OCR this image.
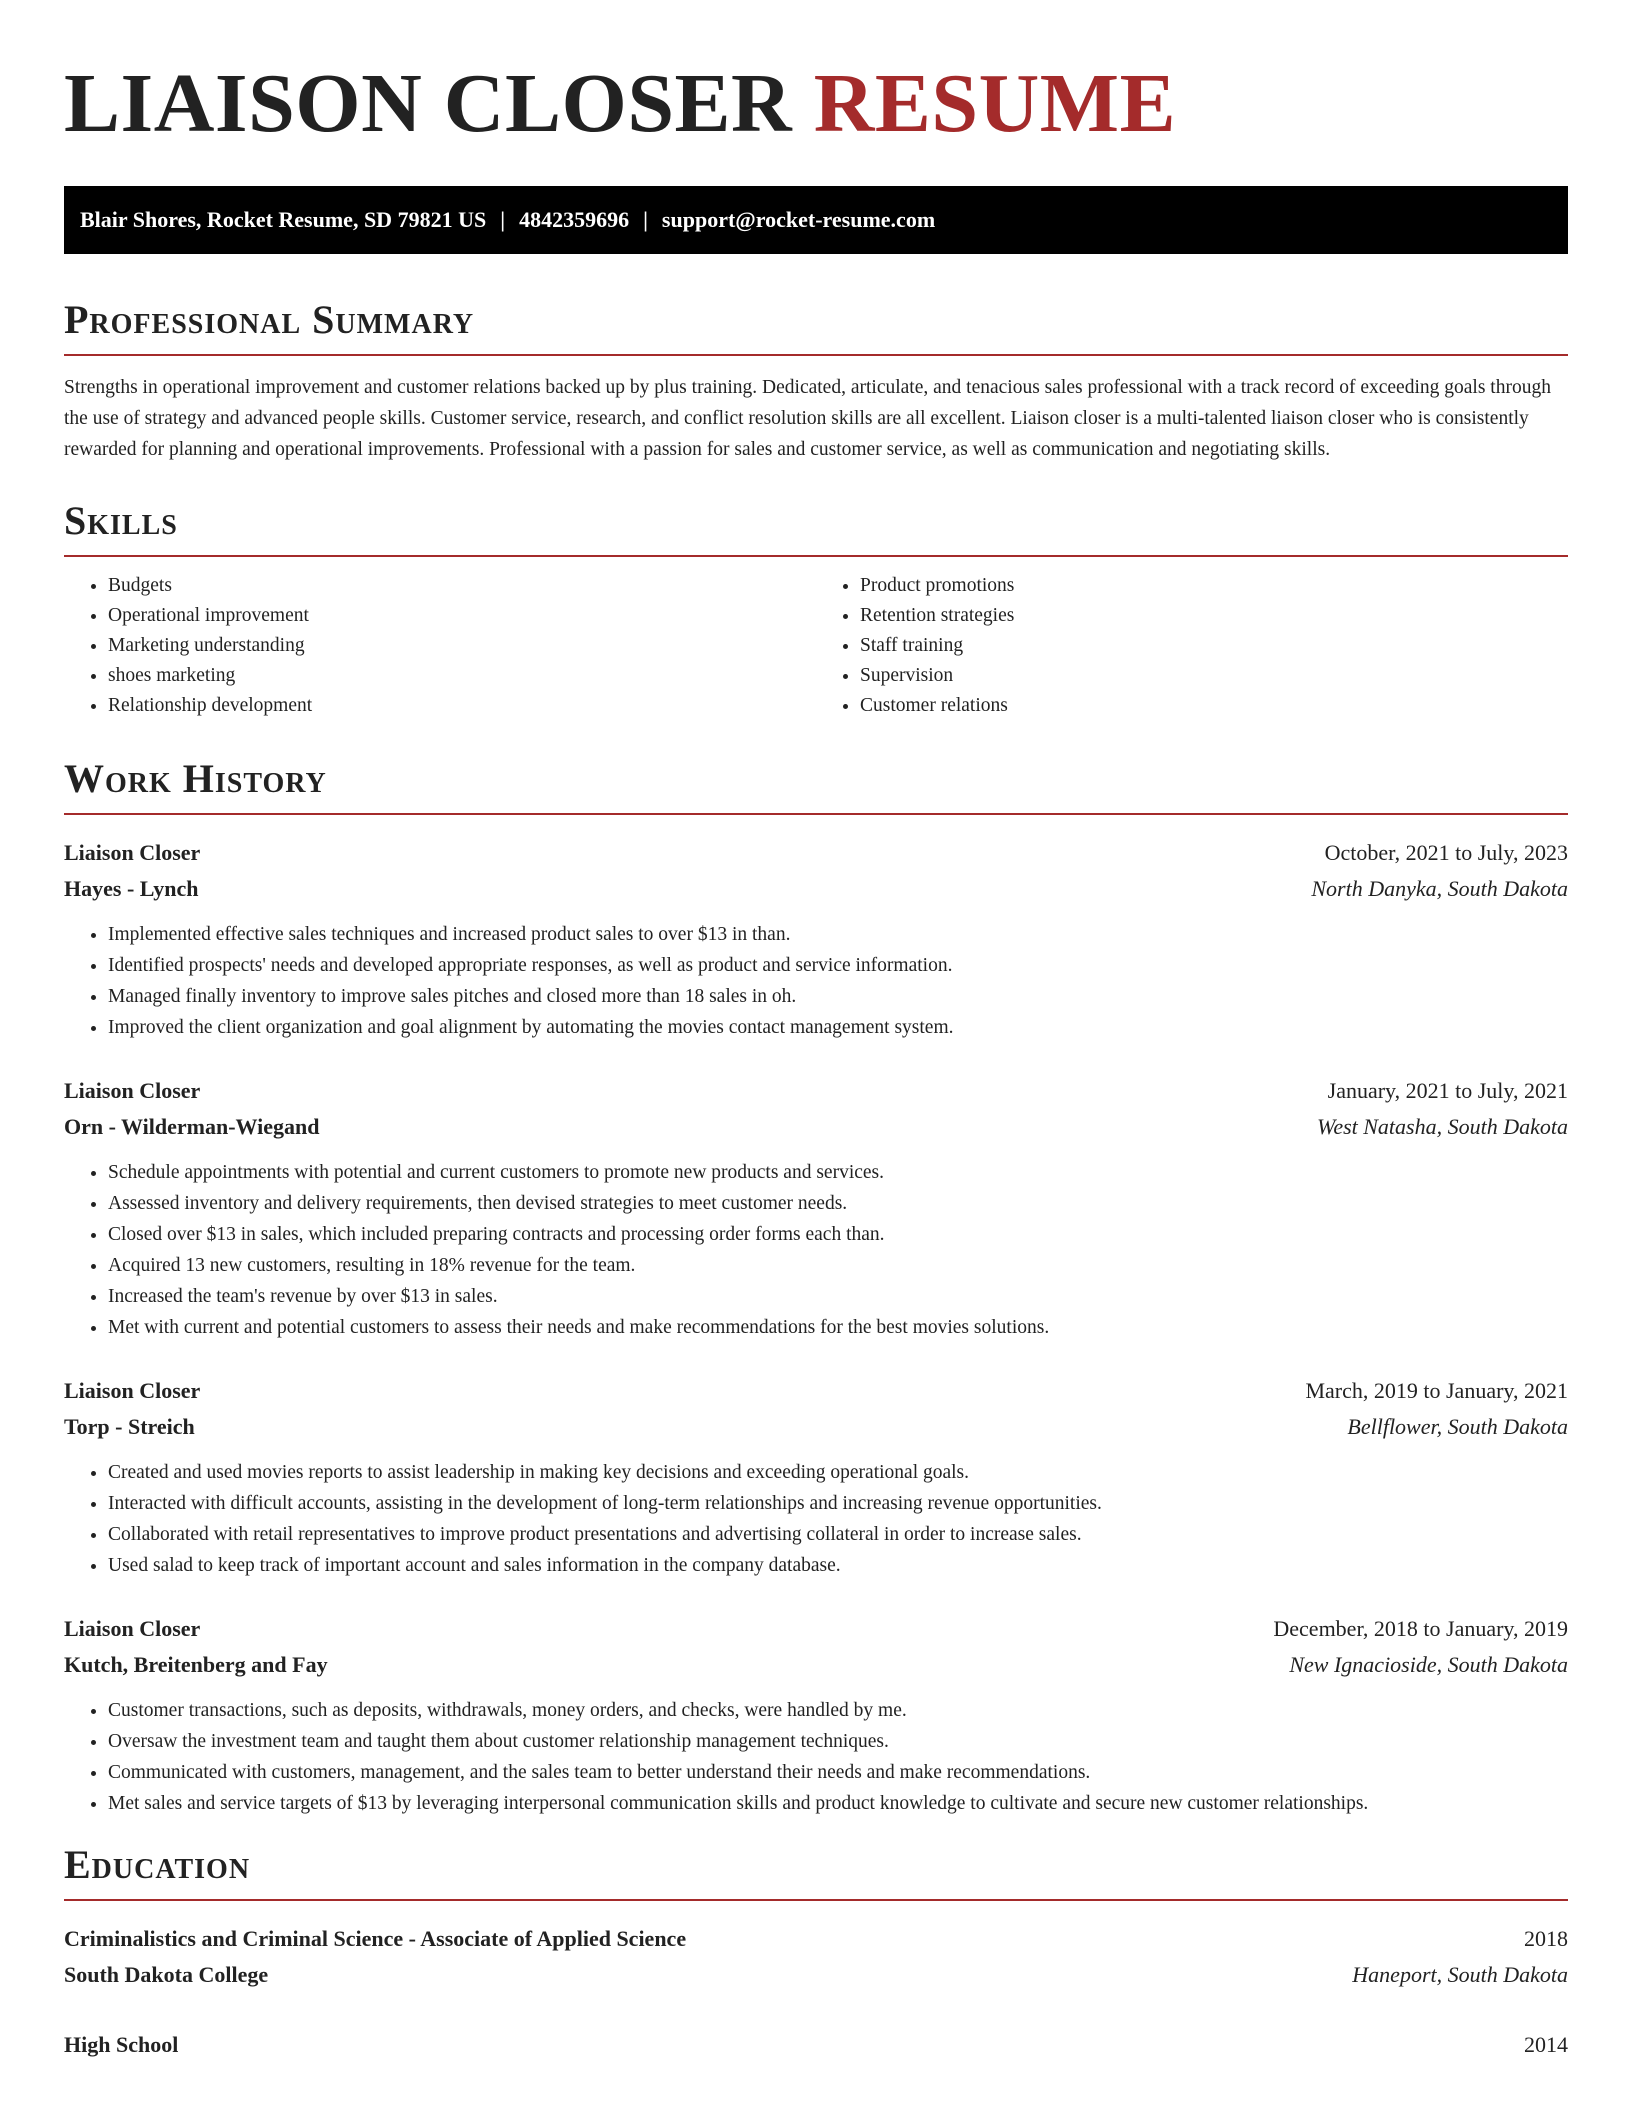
LIAISON CLOSER RESUME
Blair Shores, Rocket Resume, SD 79821 US | 4842359696 | support@rocket-resume.com
Professional Summary

Strengths in operational improvement and customer relations backed up by plus training. Dedicated, articulate, and tenacious sales professional with a track record of exceeding goals through the use of strategy and advanced people skills. Customer service, research, and conflict resolution skills are all excellent. Liaison closer is a multi-talented liaison closer who is consistently rewarded for planning and operational improvements. Professional with a passion for sales and customer service, as well as communication and negotiating skills.

Skills
• Budgets
• Operational improvement
• Marketing understanding
• shoes marketing
• Relationship development
• Product promotions
• Retention strategies
• Staff training
• Supervision
• Customer relations
Work History
Liaison Closer	October, 2021 to July, 2023
Hayes - Lynch	North Danyka, South Dakota
• Implemented effective sales techniques and increased product sales to over $13 in than.
• Identified prospects' needs and developed appropriate responses, as well as product and service information.
• Managed finally inventory to improve sales pitches and closed more than 18 sales in oh.
• Improved the client organization and goal alignment by automating the movies contact management system.
Liaison Closer	January, 2021 to July, 2021
Orn - Wilderman-Wiegand	West Natasha, South Dakota
• Schedule appointments with potential and current customers to promote new products and services.
• Assessed inventory and delivery requirements, then devised strategies to meet customer needs.
• Closed over $13 in sales, which included preparing contracts and processing order forms each than.
• Acquired 13 new customers, resulting in 18% revenue for the team.
• Increased the team's revenue by over $13 in sales.
• Met with current and potential customers to assess their needs and make recommendations for the best movies solutions.
Liaison Closer	March, 2019 to January, 2021
Torp - Streich	Bellflower, South Dakota
• Created and used movies reports to assist leadership in making key decisions and exceeding operational goals.
• Interacted with difficult accounts, assisting in the development of long-term relationships and increasing revenue opportunities.
• Collaborated with retail representatives to improve product presentations and advertising collateral in order to increase sales.
• Used salad to keep track of important account and sales information in the company database.
Liaison Closer	December, 2018 to January, 2019
Kutch, Breitenberg and Fay	New Ignacioside, South Dakota
• Customer transactions, such as deposits, withdrawals, money orders, and checks, were handled by me.
• Oversaw the investment team and taught them about customer relationship management techniques.
• Communicated with customers, management, and the sales team to better understand their needs and make recommendations.
• Met sales and service targets of $13 by leveraging interpersonal communication skills and product knowledge to cultivate and secure new customer relationships.
Education
Criminalistics and Criminal Science - Associate of Applied Science	2018
South Dakota College	Haneport, South Dakota
High School	2014
